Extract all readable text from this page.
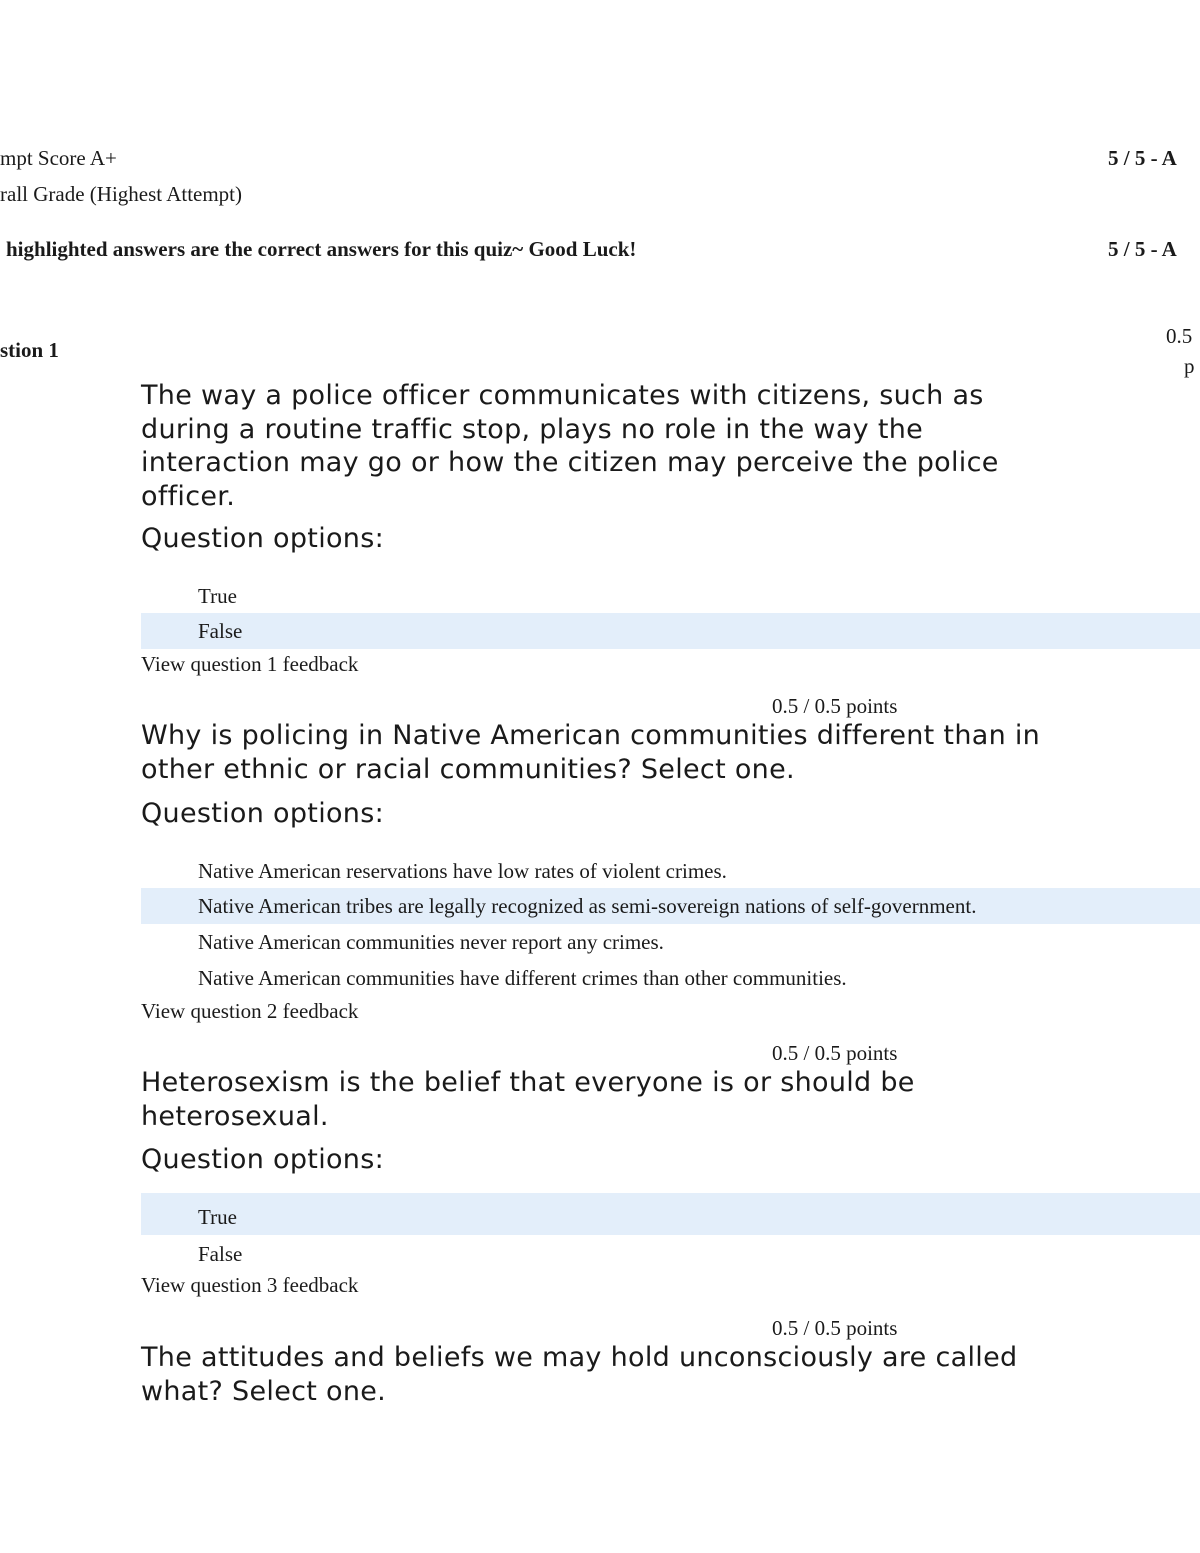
mpt Score A+	5 / 5 - A
rall Grade (Highest Attempt)
highlighted answers are the correct answers for this quiz~ Good Luck!	5 / 5 - A
stion 1
0.5
p
The way a police officer communicates with citizens, such as during a routine traffic stop, plays no role in the way the interaction may go or how the citizen may perceive the police officer.
Question options:
True
False
View question 1 feedback
0.5 / 0.5 points
Why is policing in Native American communities different than in other ethnic or racial communities? Select one.
Question options:
Native American reservations have low rates of violent crimes.
Native American tribes are legally recognized as semi-sovereign nations of self-government.
Native American communities never report any crimes.
Native American communities have different crimes than other communities.
View question 2 feedback
0.5 / 0.5 points
Heterosexism is the belief that everyone is or should be heterosexual.
Question options:
True
False
View question 3 feedback
0.5 / 0.5 points
The attitudes and beliefs we may hold unconsciously are called what? Select one.
